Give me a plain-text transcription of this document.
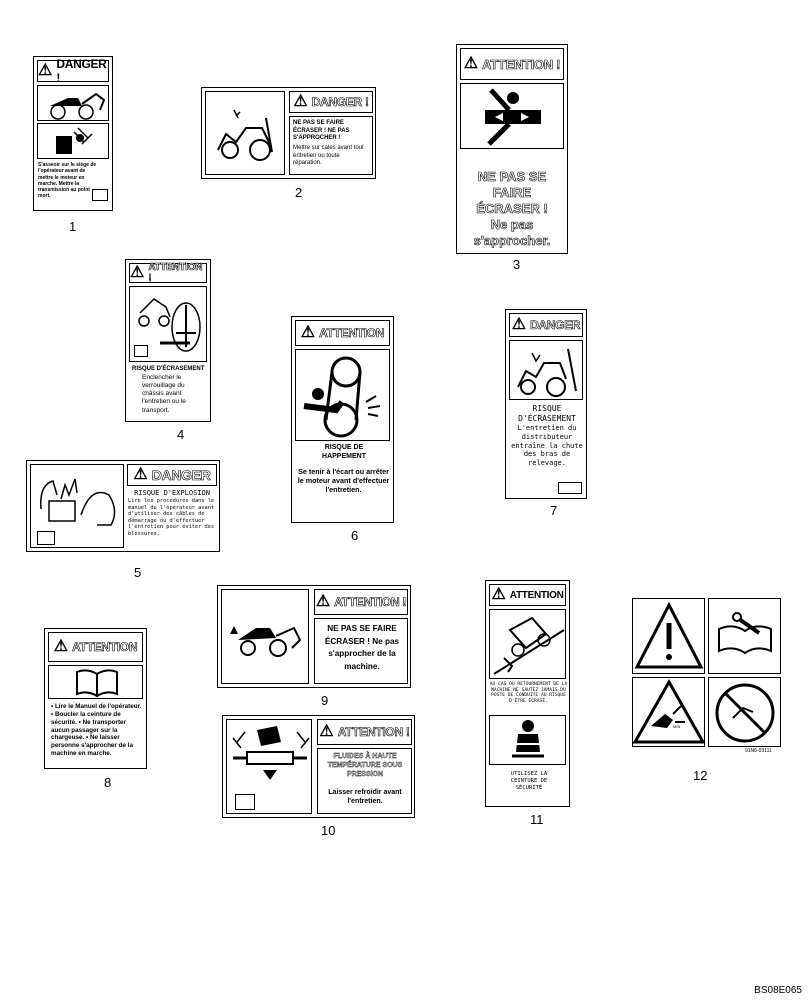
⚠ DANGER !
S'asseoir sur le siège de l'opérateur avant de mettre le moteur en marche. Mettre la transmission au point mort.
1
⚠ DANGER !
NE PAS SE FAIRE ÉCRASER ! NE PAS S'APPROCHER !
Mettre sur cales avant tout entretien ou toute réparation.
2
⚠ ATTENTION !
NE PAS SE
FAIRE
ÉCRASER !
Ne pas
s'approcher.
3
⚠ ATTENTION !
RISQUE D'ÉCRASEMENT
Enclencher le verrouillage du châssis avant l'entretien ou le transport.
4
⚠ DANGER
RISQUE D'EXPLOSION
Lire les procédures dans le manuel de l'opérateur avant d'utiliser des câbles de démarrage ou d'effectuer l'entretien pour éviter des blessures.
5
⚠ ATTENTION
RISQUE DE HAPPEMENT
Se tenir à l'écart ou arrêter le moteur avant d'effectuer l'entretien.
6
⚠ DANGER
RISQUE D'ÉCRASEMENT
L'entretien du distributeur entraîne la chute des bras de relevage.
7
⚠ ATTENTION
• Lire le Manuel de l'opérateur. • Boucler la ceinture de sécurité. • Ne transporter aucun passager sur la chargeuse. • Ne laisser personne s'approcher de la machine en marche.
8
⚠ ATTENTION !
NE PAS SE FAIRE ÉCRASER ! Ne pas s'approcher de la machine.
9
⚠ ATTENTION !
FLUIDES À HAUTE TEMPÉRATURE SOUS PRESSION
Laisser refroidir avant l'entretien.
10
⚠ ATTENTION
AU CAS OÙ RETOURNEMENT DE LA MACHINE NE SAUTEZ JAMAIS DU POSTE DE CONDUITE AU RISQUE D'ÊTRE ÉCRASÉ.
UTILISEZ LA CEINTURE DE SÉCURITÉ
11
MIN
91N6-03111
12
BS08E065
